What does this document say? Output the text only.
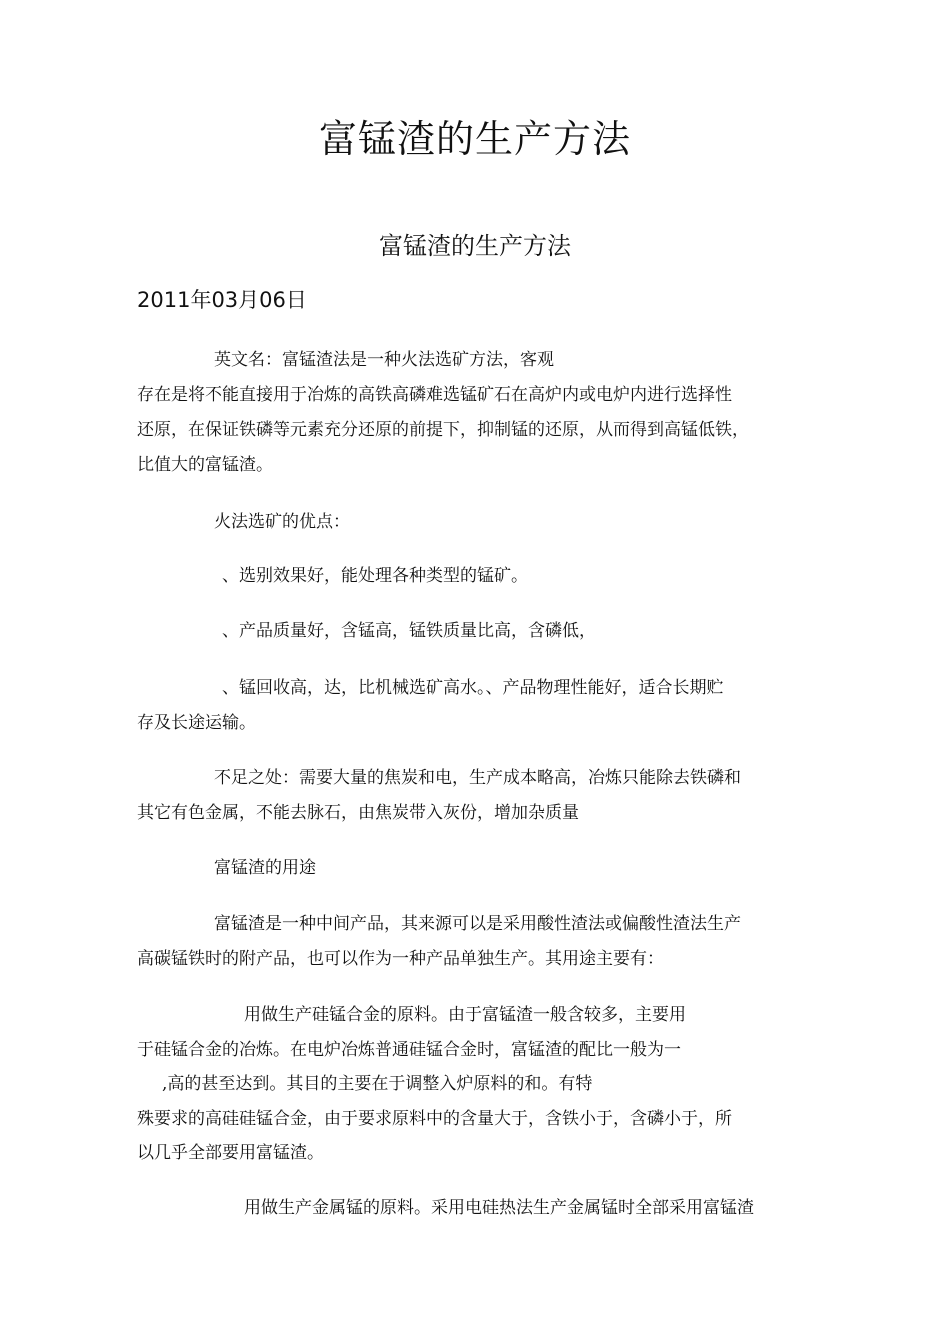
富锰渣的生产方法
富锰渣的生产方法
2011年03月06日
英文名：富锰渣法是一种火法选矿方法，客观
存在是将不能直接用于冶炼的高铁高磷难选锰矿石在高炉内或电炉内进行选择性
还原，在保证铁磷等元素充分还原的前提下，抑制锰的还原，从而得到高锰低铁，
比值大的富锰渣。
火法选矿的优点：
、选别效果好，能处理各种类型的锰矿。
、产品质量好，含锰高，锰铁质量比高，含磷低，
、锰回收高，达，比机械选矿高水。、产品物理性能好，适合长期贮
存及长途运输。
不足之处：需要大量的焦炭和电，生产成本略高，冶炼只能除去铁磷和
其它有色金属，不能去脉石，由焦炭带入灰份，增加杂质量
富锰渣的用途
富锰渣是一种中间产品，其来源可以是采用酸性渣法或偏酸性渣法生产
高碳锰铁时的附产品，也可以作为一种产品单独生产。其用途主要有：
用做生产硅锰合金的原料。由于富锰渣一般含较多，主要用
于硅锰合金的冶炼。在电炉冶炼普通硅锰合金时，富锰渣的配比一般为一
,高的甚至达到。其目的主要在于调整入炉原料的和。有特
殊要求的高硅硅锰合金，由于要求原料中的含量大于，含铁小于，含磷小于，所
以几乎全部要用富锰渣。
用做生产金属锰的原料。采用电硅热法生产金属锰时全部采用富锰渣
